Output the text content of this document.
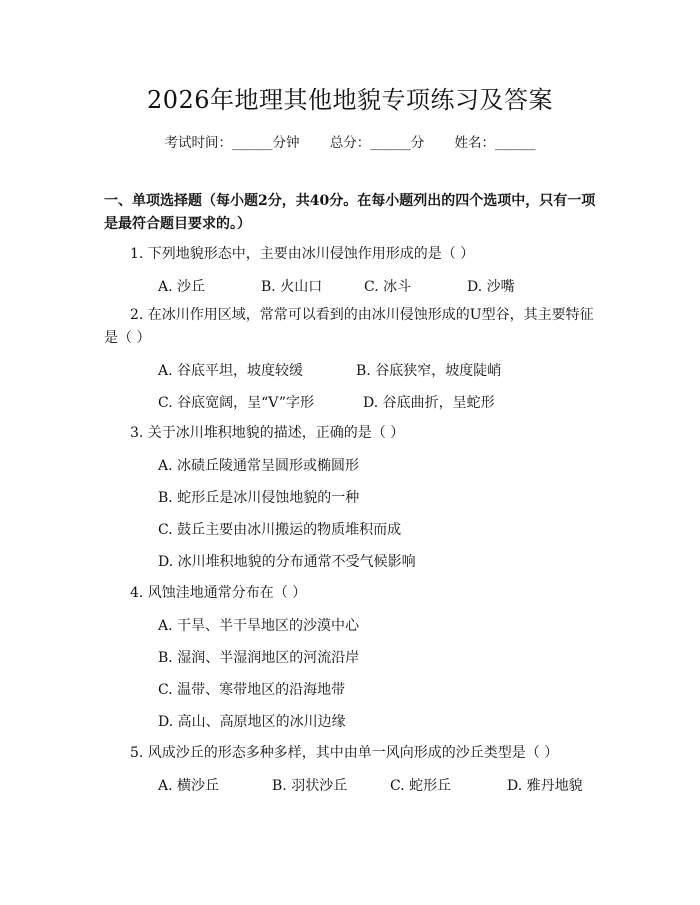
2026年地理其他地貌专项练习及答案
考试时间：______分钟 总分：______分 姓名：______
一、单项选择题（每小题2分，共40分。在每小题列出的四个选项中，只有一项是最符合题目要求的。）
1. 下列地貌形态中，主要由冰川侵蚀作用形成的是（ ）
A. 沙丘	B. 火山口	C. 冰斗	D. 沙嘴
2. 在冰川作用区域，常常可以看到的由冰川侵蚀形成的U型谷，其主要特征是（ ）
A. 谷底平坦，坡度较缓	B. 谷底狭窄，坡度陡峭
C. 谷底宽阔，呈“V”字形	D. 谷底曲折，呈蛇形
3. 关于冰川堆积地貌的描述，正确的是（ ）
A. 冰碛丘陵通常呈圆形或椭圆形
B. 蛇形丘是冰川侵蚀地貌的一种
C. 鼓丘主要由冰川搬运的物质堆积而成
D. 冰川堆积地貌的分布通常不受气候影响
4. 风蚀洼地通常分布在（ ）
A. 干旱、半干旱地区的沙漠中心
B. 湿润、半湿润地区的河流沿岸
C. 温带、寒带地区的沿海地带
D. 高山、高原地区的冰川边缘
5. 风成沙丘的形态多种多样，其中由单一风向形成的沙丘类型是（ ）
A. 横沙丘	B. 羽状沙丘	C. 蛇形丘	D. 雅丹地貌
